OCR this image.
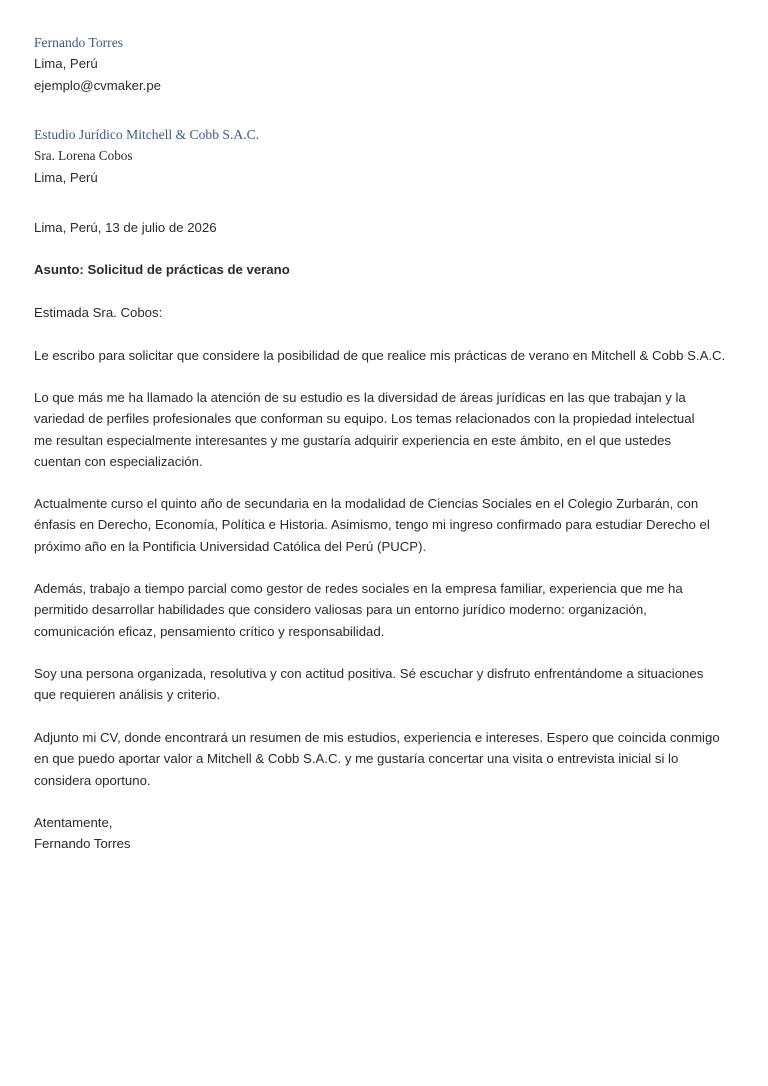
Fernando Torres
Lima, Perú
ejemplo@cvmaker.pe
Estudio Jurídico Mitchell & Cobb S.A.C.
Sra. Lorena Cobos
Lima, Perú
Lima, Perú, 13 de julio de 2026
Asunto: Solicitud de prácticas de verano
Estimada Sra. Cobos:
Le escribo para solicitar que considere la posibilidad de que realice mis prácticas de verano en Mitchell & Cobb S.A.C.
Lo que más me ha llamado la atención de su estudio es la diversidad de áreas jurídicas en las que trabajan y la
variedad de perfiles profesionales que conforman su equipo. Los temas relacionados con la propiedad intelectual
me resultan especialmente interesantes y me gustaría adquirir experiencia en este ámbito, en el que ustedes
cuentan con especialización.
Actualmente curso el quinto año de secundaria en la modalidad de Ciencias Sociales en el Colegio Zurbarán, con
énfasis en Derecho, Economía, Política e Historia. Asimismo, tengo mi ingreso confirmado para estudiar Derecho el
próximo año en la Pontificia Universidad Católica del Perú (PUCP).
Además, trabajo a tiempo parcial como gestor de redes sociales en la empresa familiar, experiencia que me ha
permitido desarrollar habilidades que considero valiosas para un entorno jurídico moderno: organización,
comunicación eficaz, pensamiento crítico y responsabilidad.
Soy una persona organizada, resolutiva y con actitud positiva. Sé escuchar y disfruto enfrentándome a situaciones
que requieren análisis y criterio.
Adjunto mi CV, donde encontrará un resumen de mis estudios, experiencia e intereses. Espero que coincida conmigo
en que puedo aportar valor a Mitchell & Cobb S.A.C. y me gustaría concertar una visita o entrevista inicial si lo
considera oportuno.
Atentamente,
Fernando Torres
